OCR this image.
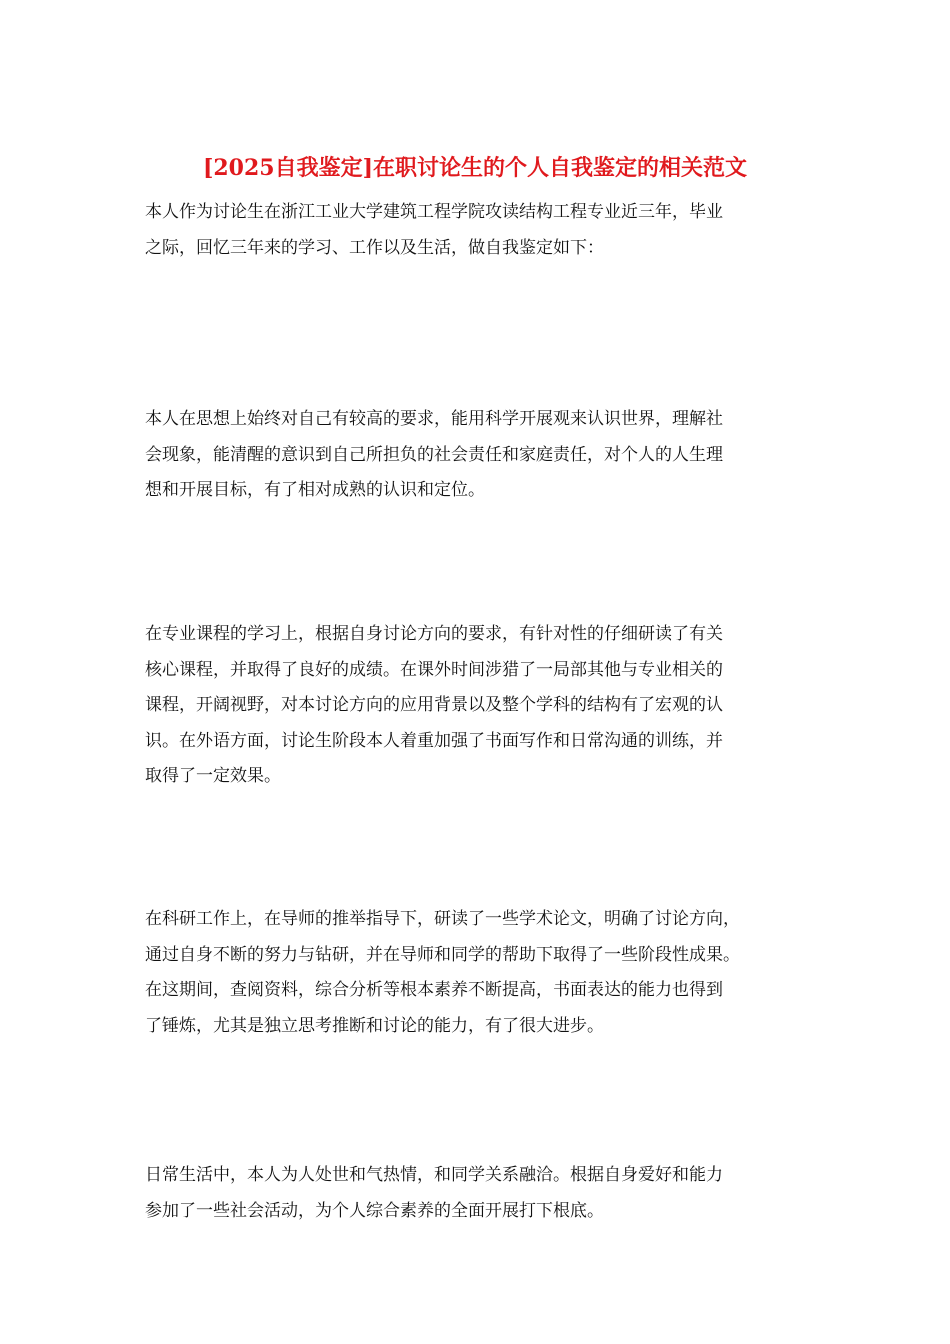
[2025自我鉴定]在职讨论生的个人自我鉴定的相关范文
本人作为讨论生在浙江工业大学建筑工程学院攻读结构工程专业近三年，毕业
之际，回忆三年来的学习、工作以及生活，做自我鉴定如下：
本人在思想上始终对自己有较高的要求，能用科学开展观来认识世界，理解社
会现象，能清醒的意识到自己所担负的社会责任和家庭责任，对个人的人生理
想和开展目标，有了相对成熟的认识和定位。
在专业课程的学习上，根据自身讨论方向的要求，有针对性的仔细研读了有关
核心课程，并取得了良好的成绩。在课外时间涉猎了一局部其他与专业相关的
课程，开阔视野，对本讨论方向的应用背景以及整个学科的结构有了宏观的认
识。在外语方面，讨论生阶段本人着重加强了书面写作和日常沟通的训练，并
取得了一定效果。
在科研工作上，在导师的推举指导下，研读了一些学术论文，明确了讨论方向，
通过自身不断的努力与钻研，并在导师和同学的帮助下取得了一些阶段性成果。
在这期间，查阅资料，综合分析等根本素养不断提高，书面表达的能力也得到
了锤炼，尤其是独立思考推断和讨论的能力，有了很大进步。
日常生活中，本人为人处世和气热情，和同学关系融洽。根据自身爱好和能力
参加了一些社会活动，为个人综合素养的全面开展打下根底。
